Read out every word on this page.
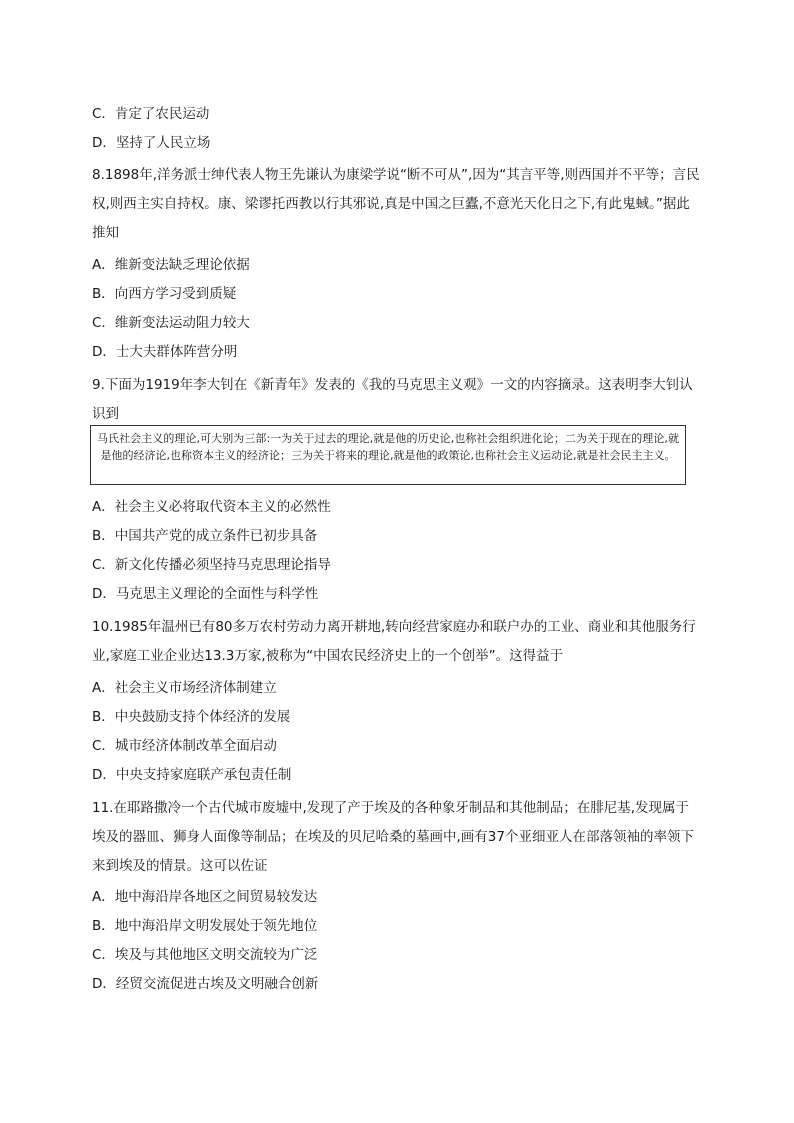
C．肯定了农民运动
D．坚持了人民立场
8.1898年,洋务派士绅代表人物王先谦认为康梁学说“断不可从”,因为“其言平等,则西国并不平等；言民权,则西主实自持权。康、梁谬托西教以行其邪说,真是中国之巨蠹,不意光天化日之下,有此鬼蜮。”据此推知
A．维新变法缺乏理论依据
B．向西方学习受到质疑
C．维新变法运动阻力较大
D．士大夫群体阵营分明
9.下面为1919年李大钊在《新青年》发表的《我的马克思主义观》一文的内容摘录。这表明李大钊认识到
马氏社会主义的理论,可大别为三部:一为关于过去的理论,就是他的历史论,也称社会组织进化论；二为关于现在的理论,就是他的经济论,也称资本主义的经济论；三为关于将来的理论,就是他的政策论,也称社会主义运动论,就是社会民主主义。
A．社会主义必将取代资本主义的必然性
B．中国共产党的成立条件已初步具备
C．新文化传播必须坚持马克思理论指导
D．马克思主义理论的全面性与科学性
10.1985年温州已有80多万农村劳动力离开耕地,转向经营家庭办和联户办的工业、商业和其他服务行业,家庭工业企业达13.3万家,被称为“中国农民经济史上的一个创举”。这得益于
A．社会主义市场经济体制建立
B．中央鼓励支持个体经济的发展
C．城市经济体制改革全面启动
D．中央支持家庭联产承包责任制
11.在耶路撒冷一个古代城市废墟中,发现了产于埃及的各种象牙制品和其他制品；在腓尼基,发现属于埃及的器皿、狮身人面像等制品；在埃及的贝尼哈桑的墓画中,画有37个亚细亚人在部落领袖的率领下来到埃及的情景。这可以佐证
A．地中海沿岸各地区之间贸易较发达
B．地中海沿岸文明发展处于领先地位
C．埃及与其他地区文明交流较为广泛
D．经贸交流促进古埃及文明融合创新
